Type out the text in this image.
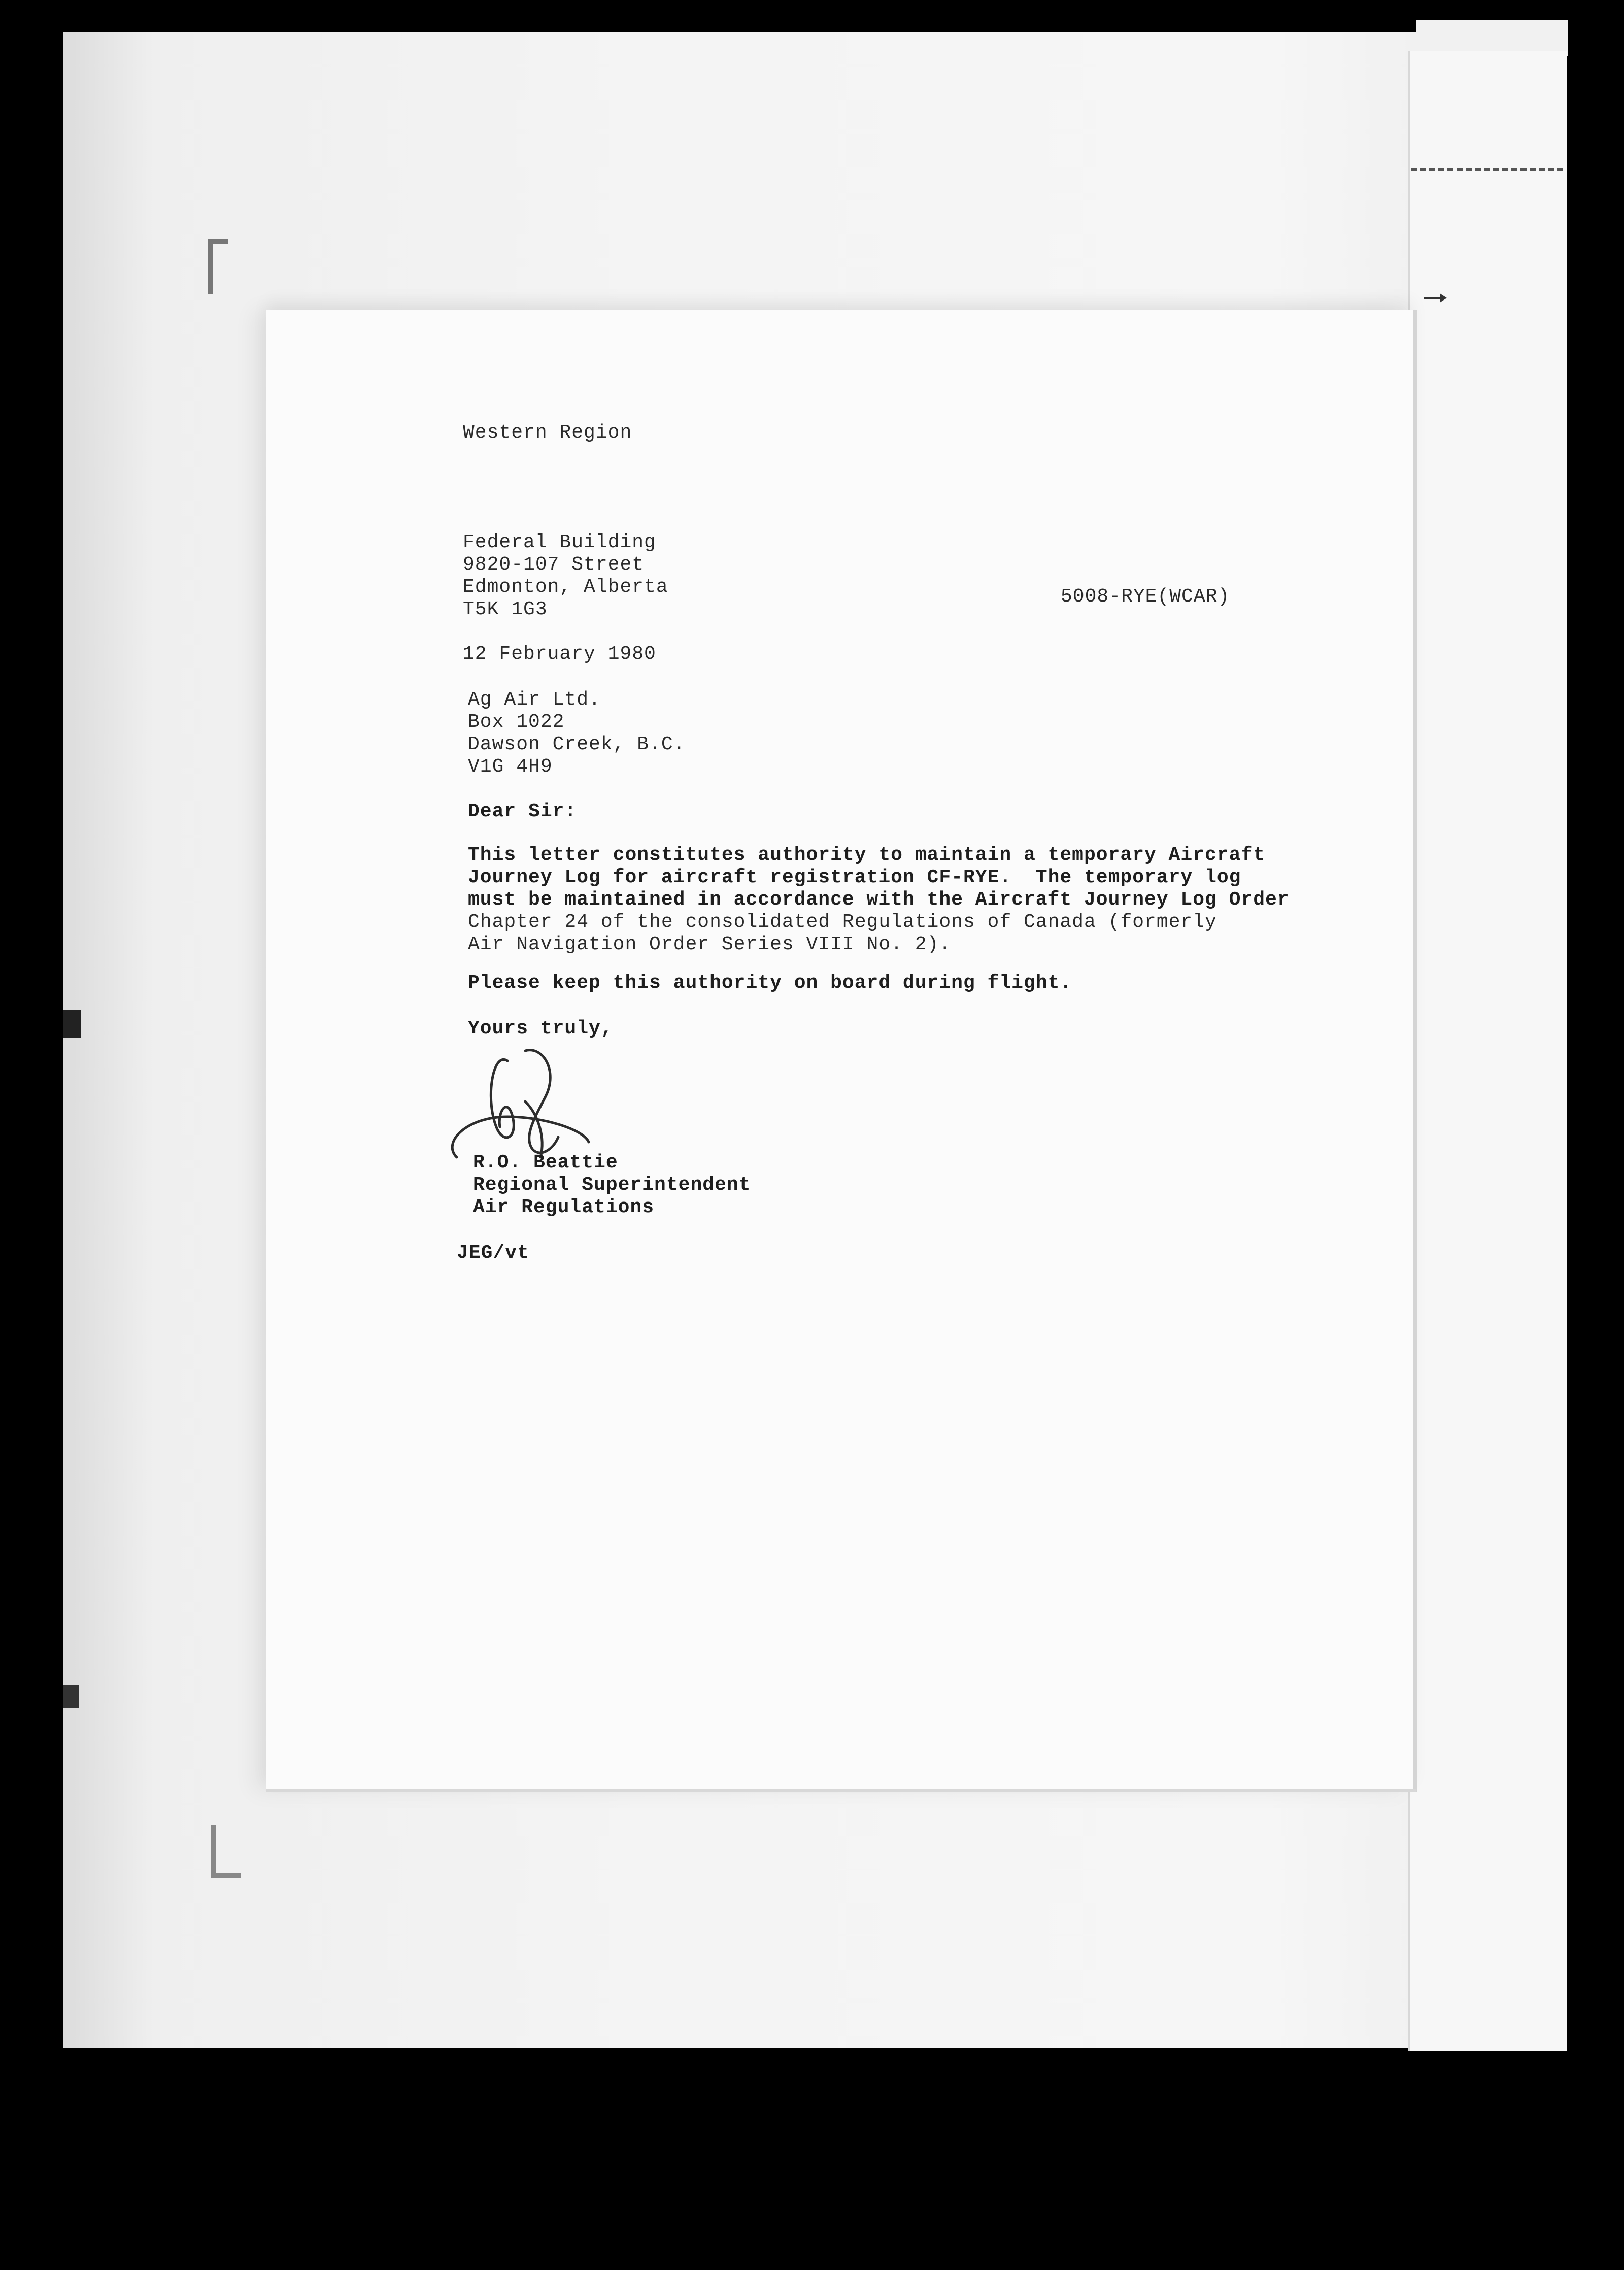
Western Region
Federal Building
9820-107 Street
Edmonton, Alberta
T5K 1G3
5008-RYE(WCAR)
12 February 1980
Ag Air Ltd.
Box 1022
Dawson Creek, B.C.
V1G 4H9
Dear Sir:
This letter constitutes authority to maintain a temporary Aircraft
Journey Log for aircraft registration CF-RYE.  The temporary log
must be maintained in accordance with the Aircraft Journey Log Order
Chapter 24 of the consolidated Regulations of Canada (formerly
Air Navigation Order Series VIII No. 2).
Please keep this authority on board during flight.
Yours truly,
R.O. Beattie
Regional Superintendent
Air Regulations
JEG/vt
